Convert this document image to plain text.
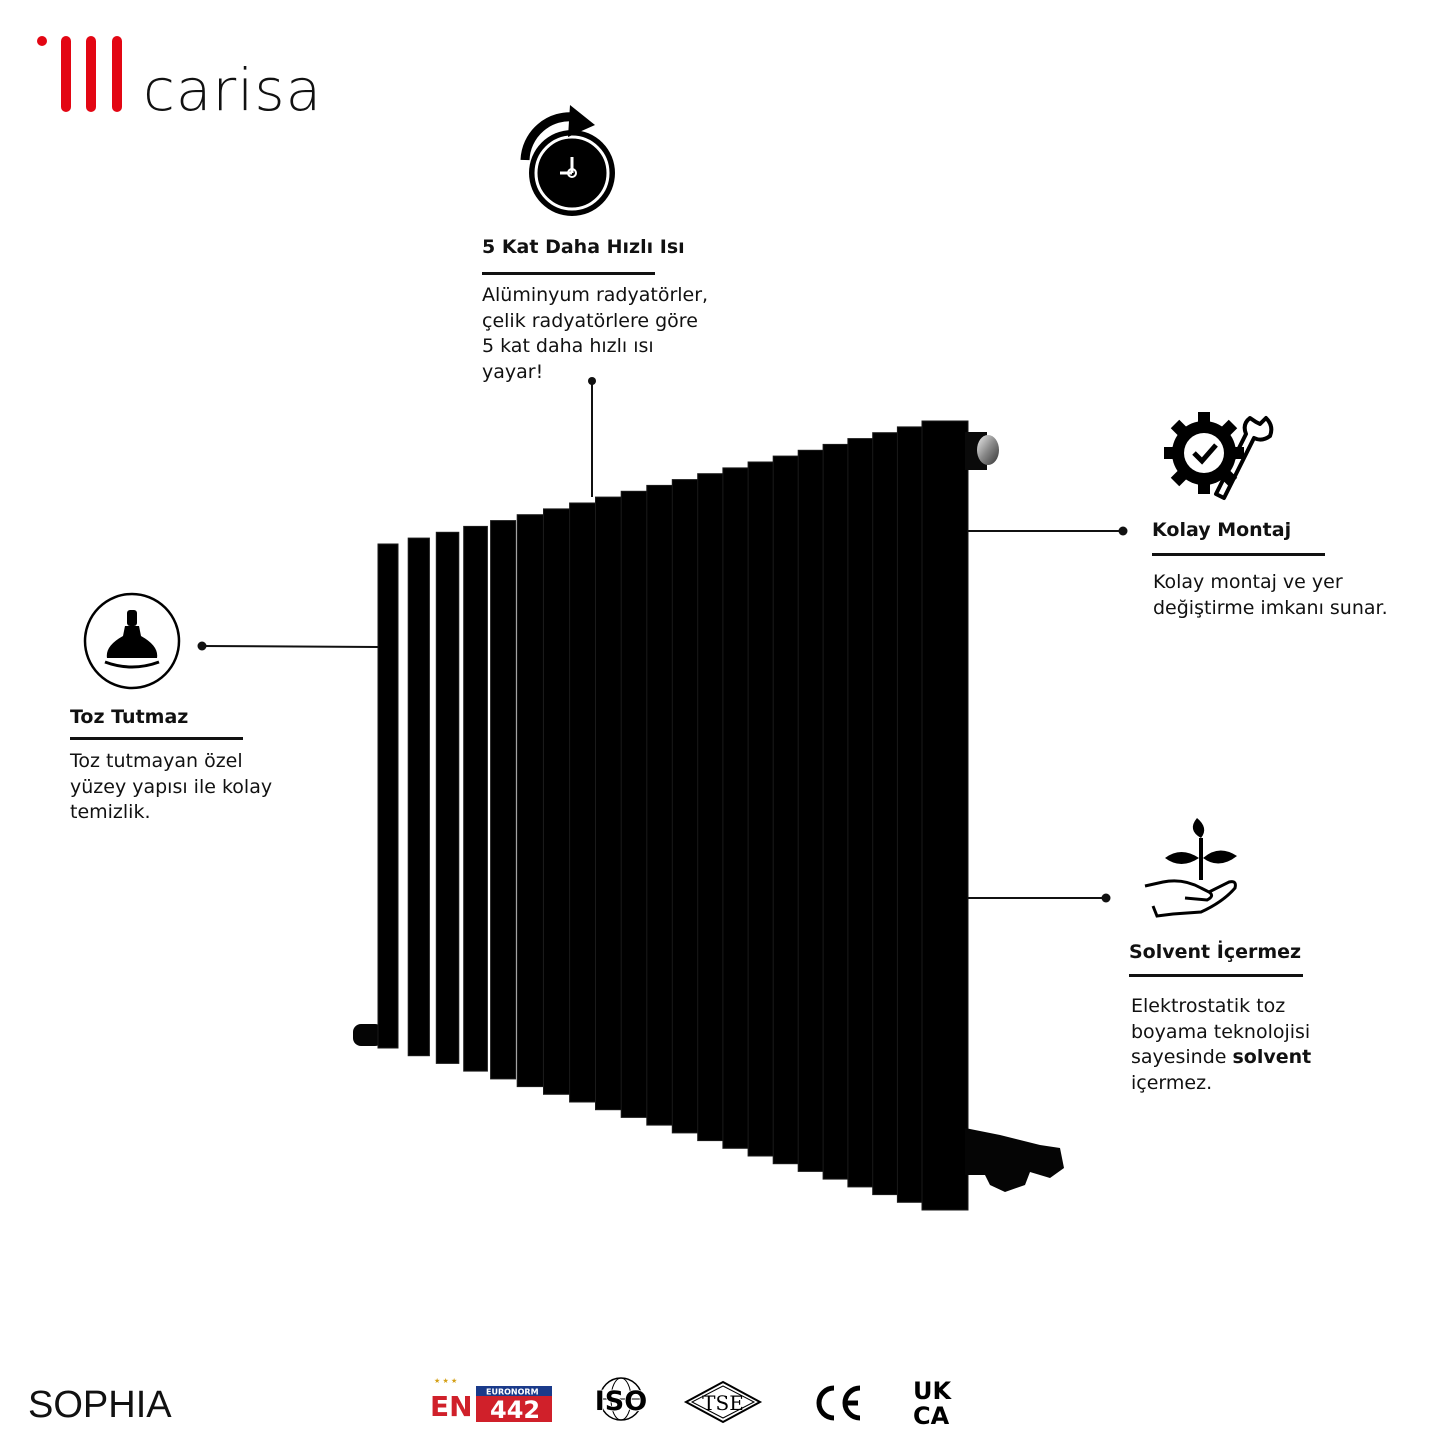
carisa
5 Kat Daha Hızlı Isı
Alüminyum radyatörler,
çelik radyatörlere göre
5 kat daha hızlı ısı
yayar!
Toz Tutmaz
Toz tutmayan özel
yüzey yapısı ile kolay
temizlik.
Kolay Montaj
Kolay montaj ve yer
değiştirme imkanı sunar.
Solvent İçermez
Elektrostatik toz
boyama teknolojisi
sayesinde solvent
içermez.
SOPHIA
★ ★ ★
EN EURONORM
442 ISO	TSE
CE	UK
CA
